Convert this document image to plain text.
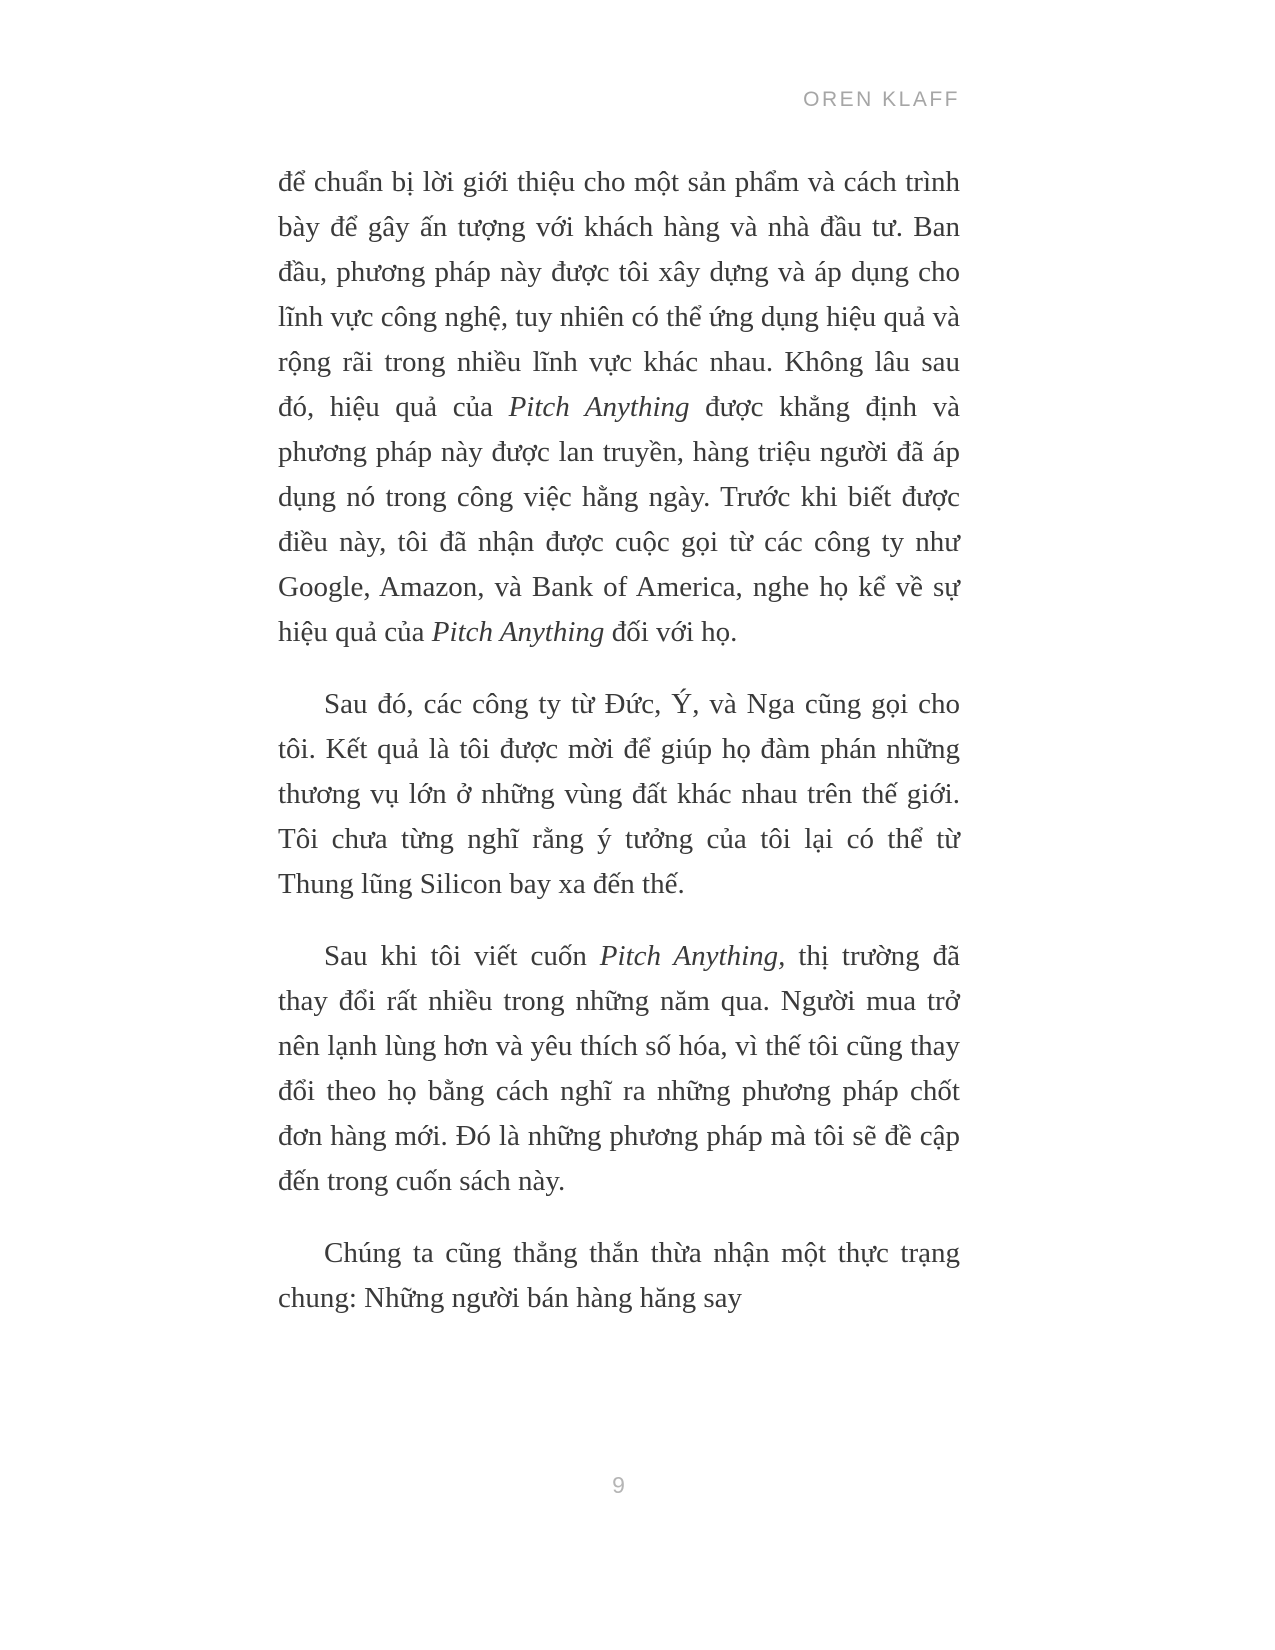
OREN KLAFF

để chuẩn bị lời giới thiệu cho một sản phẩm và cách trình bày để gây ấn tượng với khách hàng và nhà đầu tư. Ban đầu, phương pháp này được tôi xây dựng và áp dụng cho lĩnh vực công nghệ, tuy nhiên có thể ứng dụng hiệu quả và rộng rãi trong nhiều lĩnh vực khác nhau. Không lâu sau đó, hiệu quả của Pitch Anything được khẳng định và phương pháp này được lan truyền, hàng triệu người đã áp dụng nó trong công việc hằng ngày. Trước khi biết được điều này, tôi đã nhận được cuộc gọi từ các công ty như Google, Amazon, và Bank of America, nghe họ kể về sự hiệu quả của Pitch Anything đối với họ.

Sau đó, các công ty từ Đức, Ý, và Nga cũng gọi cho tôi. Kết quả là tôi được mời để giúp họ đàm phán những thương vụ lớn ở những vùng đất khác nhau trên thế giới. Tôi chưa từng nghĩ rằng ý tưởng của tôi lại có thể từ Thung lũng Silicon bay xa đến thế.

Sau khi tôi viết cuốn Pitch Anything, thị trường đã thay đổi rất nhiều trong những năm qua. Người mua trở nên lạnh lùng hơn và yêu thích số hóa, vì thế tôi cũng thay đổi theo họ bằng cách nghĩ ra những phương pháp chốt đơn hàng mới. Đó là những phương pháp mà tôi sẽ đề cập đến trong cuốn sách này.

Chúng ta cũng thẳng thắn thừa nhận một thực trạng chung: Những người bán hàng hăng say

9
